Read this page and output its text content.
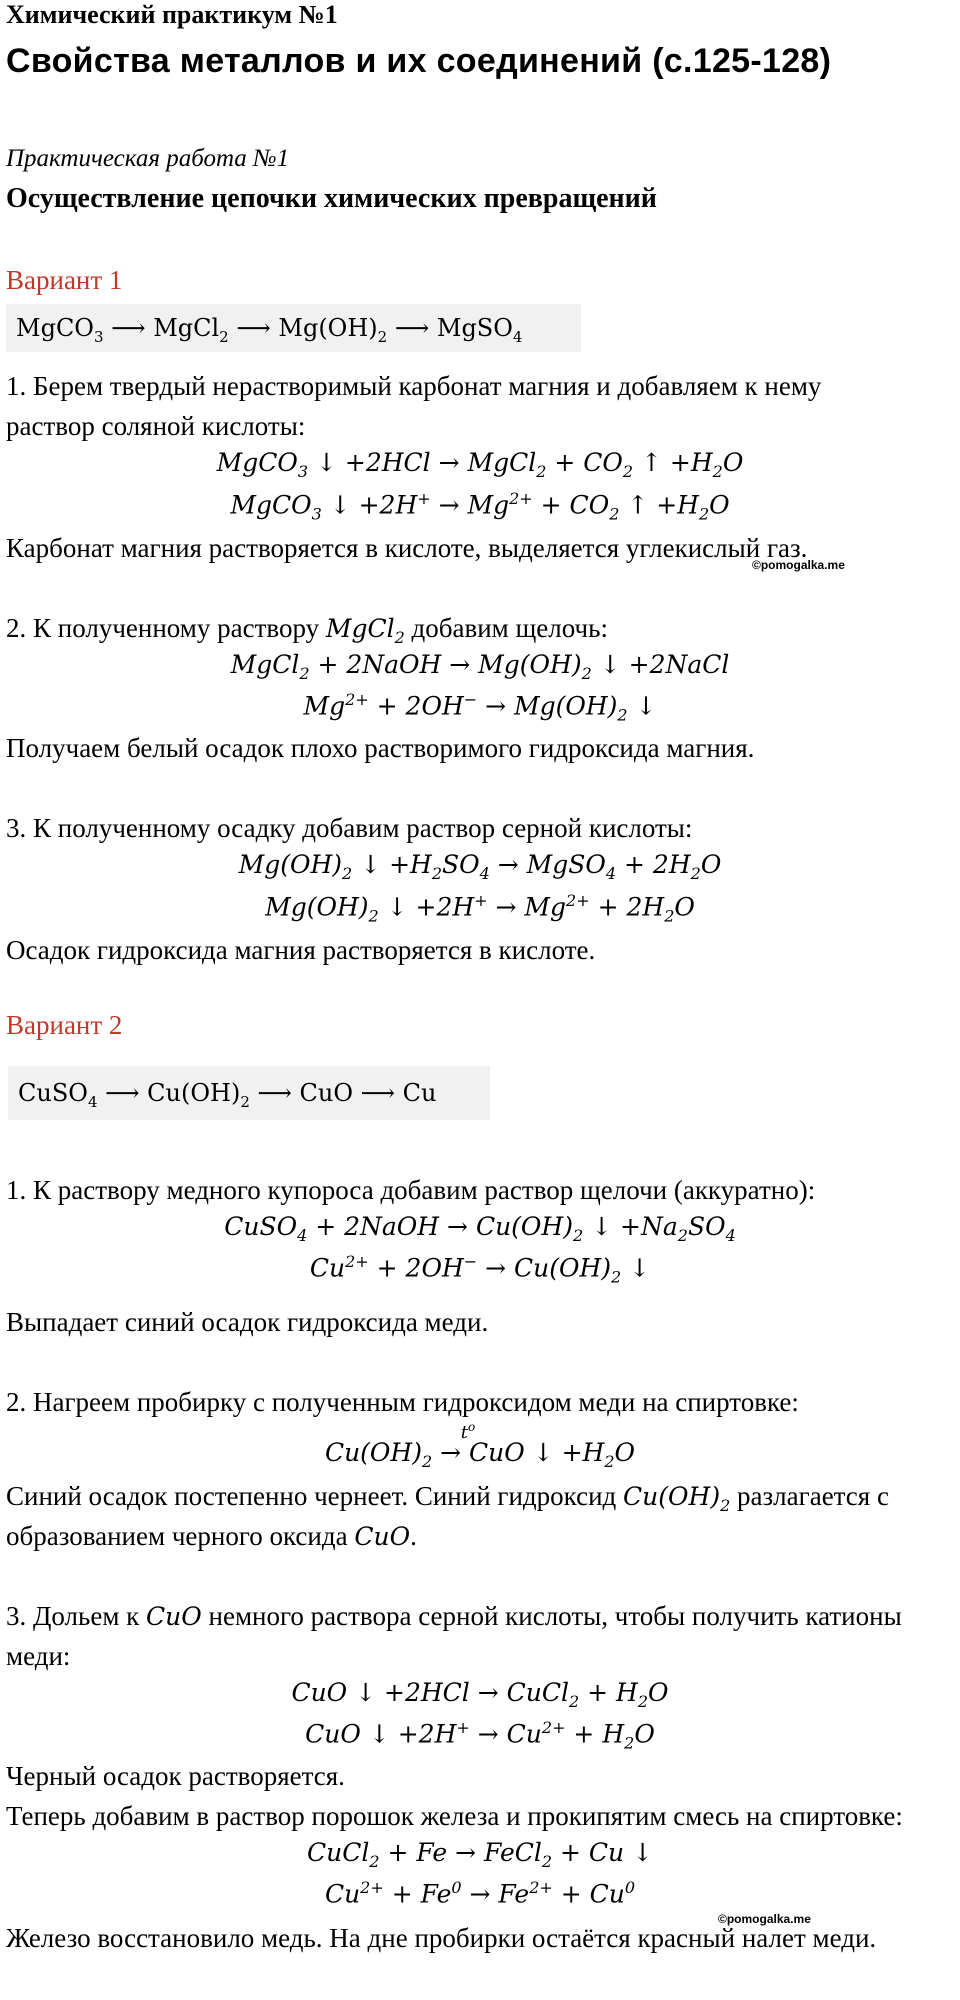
Химический практикум №1
Свойства металлов и их соединений (с.125-128)
Практическая работа №1
Осуществление цепочки химических превращений
Вариант 1
MgCO$_3$ ⟶ MgCl$_2$ ⟶ $Mg(OH)_2$ ⟶ MgSO$_4$
1. Берем твердый нерастворимый карбонат магния и добавляем к нему
раствор соляной кислоты:
MgCO$_3$ ↓ +2HCl → MgCl$_2$ + $CO_2$ ↑ $+H_2O$
MgCO$_3$ ↓ $+2H^+ \to Mg^{2+} + CO_2$ ↑ $+H_2O$
Карбонат магния растворяется в кислоте, выделяется углекислый газ.
©pomogalka.me
2. К полученному раствору MgCl$_2$ добавим щелочь:
MgCl$_2$ + 2NaOH → $Mg(OH)_2$ ↓ +2NaCl
$Mg^{2+} + 2OH^- \to Mg(OH)_2$ ↓
Получаем белый осадок плохо растворимого гидроксида магния.
3. К полученному осадку добавим раствор серной кислоты:
$Mg(OH)_2$ ↓ $+H_2SO_4$ → MgSO$_4$ + $2H_2O$
$Mg(OH)_2$ ↓ $+2H^+ \to Mg^{2+} + 2H_2O$
Осадок гидроксида магния растворяется в кислоте.
Вариант 2
CuSO$_4$ ⟶ $Cu(OH)_2$ ⟶ CuO ⟶ Cu
1. К раствору медного купороса добавим раствор щелочи (аккуратно):
CuSO$_4$ + 2NaOH → $Cu(OH)_2$ ↓ $+Na_2SO_4$
$Cu^{2+} + 2OH^- \to Cu(OH)_2$ ↓
Выпадает синий осадок гидроксида меди.
2. Нагреем пробирку с полученным гидроксидом меди на спиртовке:
$t^o$
$Cu(OH)_2$ → CuO ↓ $+H_2O$
Синий осадок постепенно чернеет. Синий гидроксид $Cu(OH)_2$ разлагается с
образованием черного оксида CuO.
3. Дольем к CuO немного раствора серной кислоты, чтобы получить катионы
меди:
CuO ↓ +2HCl → CuCl$_2$ + $H_2O$
CuO ↓ $+2H^+ \to Cu^{2+} + H_2O$
Черный осадок растворяется.
Теперь добавим в раствор порошок железа и прокипятим смесь на спиртовке:
CuCl$_2$ + Fe → FeCl$_2$ + Cu ↓
$Cu^{2+} + Fe^0 \to Fe^{2+} + Cu^0$
©pomogalka.me
Железо восстановило медь. На дне пробирки остаётся красный налет меди.
